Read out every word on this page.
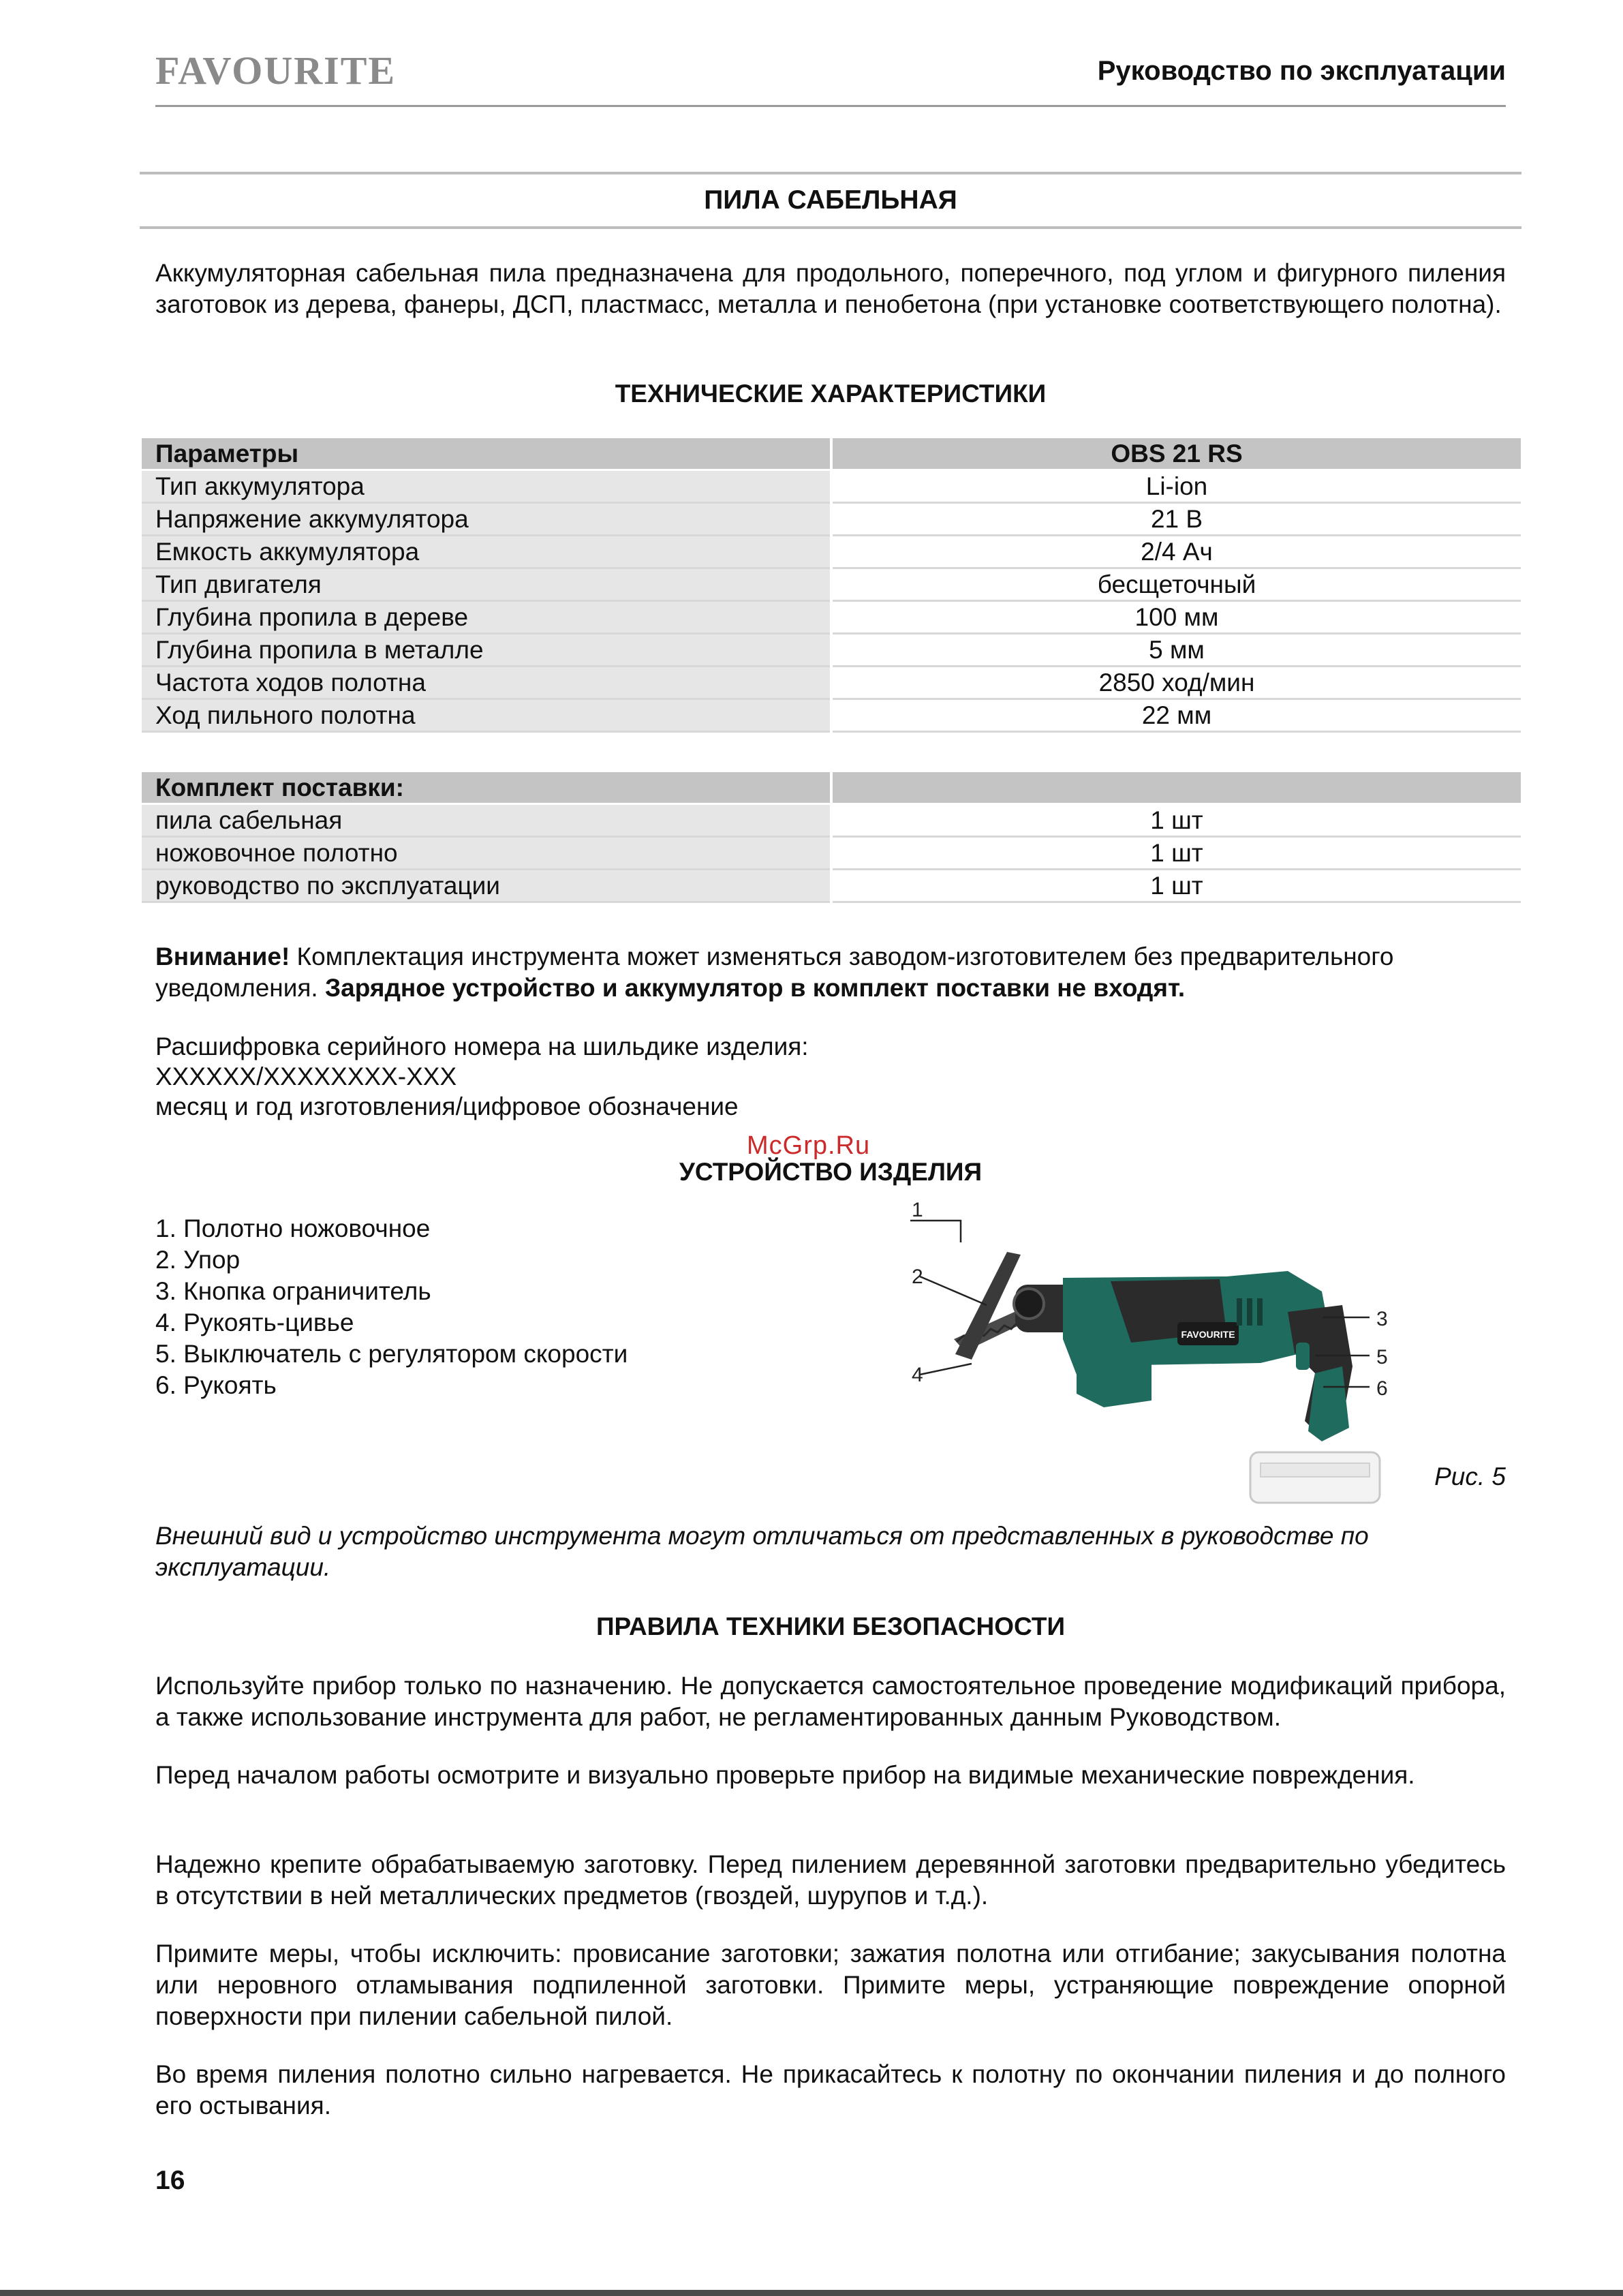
FAVOURITE	Руководство по эксплуатации
ПИЛА САБЕЛЬНАЯ

Аккумуляторная сабельная пила предназначена для продольного, поперечного, под углом и фигурного пиления заготовок из дерева, фанеры, ДСП, пластмасс, металла и пенобетона (при установке соответствующего полотна).

ТЕХНИЧЕСКИЕ ХАРАКТЕРИСТИКИ

Параметры	OBS 21 RS
Тип аккумулятора	Li-ion
Напряжение аккумулятора	21 В
Емкость аккумулятора	2/4 Ач
Тип двигателя	бесщеточный
Глубина пропила в дереве	100 мм
Глубина пропила в металле	5 мм
Частота ходов полотна	2850 ход/мин
Ход пильного полотна	22 мм
Комплект поставки:	
пила сабельная	1 шт
ножовочное полотно	1 шт
руководство по эксплуатации	1 шт

Внимание! Комплектация инструмента может изменяться заводом-изготовителем без предварительного уведомления. Зарядное устройство и аккумулятор в комплект поставки не входят.

Расшифровка серийного номера на шильдике изделия:
XXXXXX/XXXXXXXX-XXX
месяц и год изготовления/цифровое обозначение
McGrp.Ru

УСТРОЙСТВО ИЗДЕЛИЯ

1. Полотно ножовочное
2. Упор
3. Кнопка ограничитель
4. Рукоять-цивье
5. Выключатель с регулятором скорости
6. Рукоять
FAVOURITE
1
2
3
4
5
6
Рис. 5

Внешний вид и устройство инструмента могут отличаться от представленных в руководстве по эксплуатации.

ПРАВИЛА ТЕХНИКИ БЕЗОПАСНОСТИ

Используйте прибор только по назначению. Не допускается самостоятельное проведение модификаций прибора, а также использование инструмента для работ, не регламентированных данным Руководством.

Перед началом работы осмотрите и визуально проверьте прибор на видимые механические повреждения.

Надежно крепите обрабатываемую заготовку. Перед пилением деревянной заготовки предварительно убедитесь в отсутствии в ней металлических предметов (гвоздей, шурупов и т.д.).

Примите меры, чтобы исключить: провисание заготовки; зажатия полотна или отгибание; закусывания полотна или неровного отламывания подпиленной заготовки. Примите меры, устраняющие повреждение опорной поверхности при пилении сабельной пилой.

Во время пиления полотно сильно нагревается. Не прикасайтесь к полотну по окончании пиления и до полного его остывания.

16
